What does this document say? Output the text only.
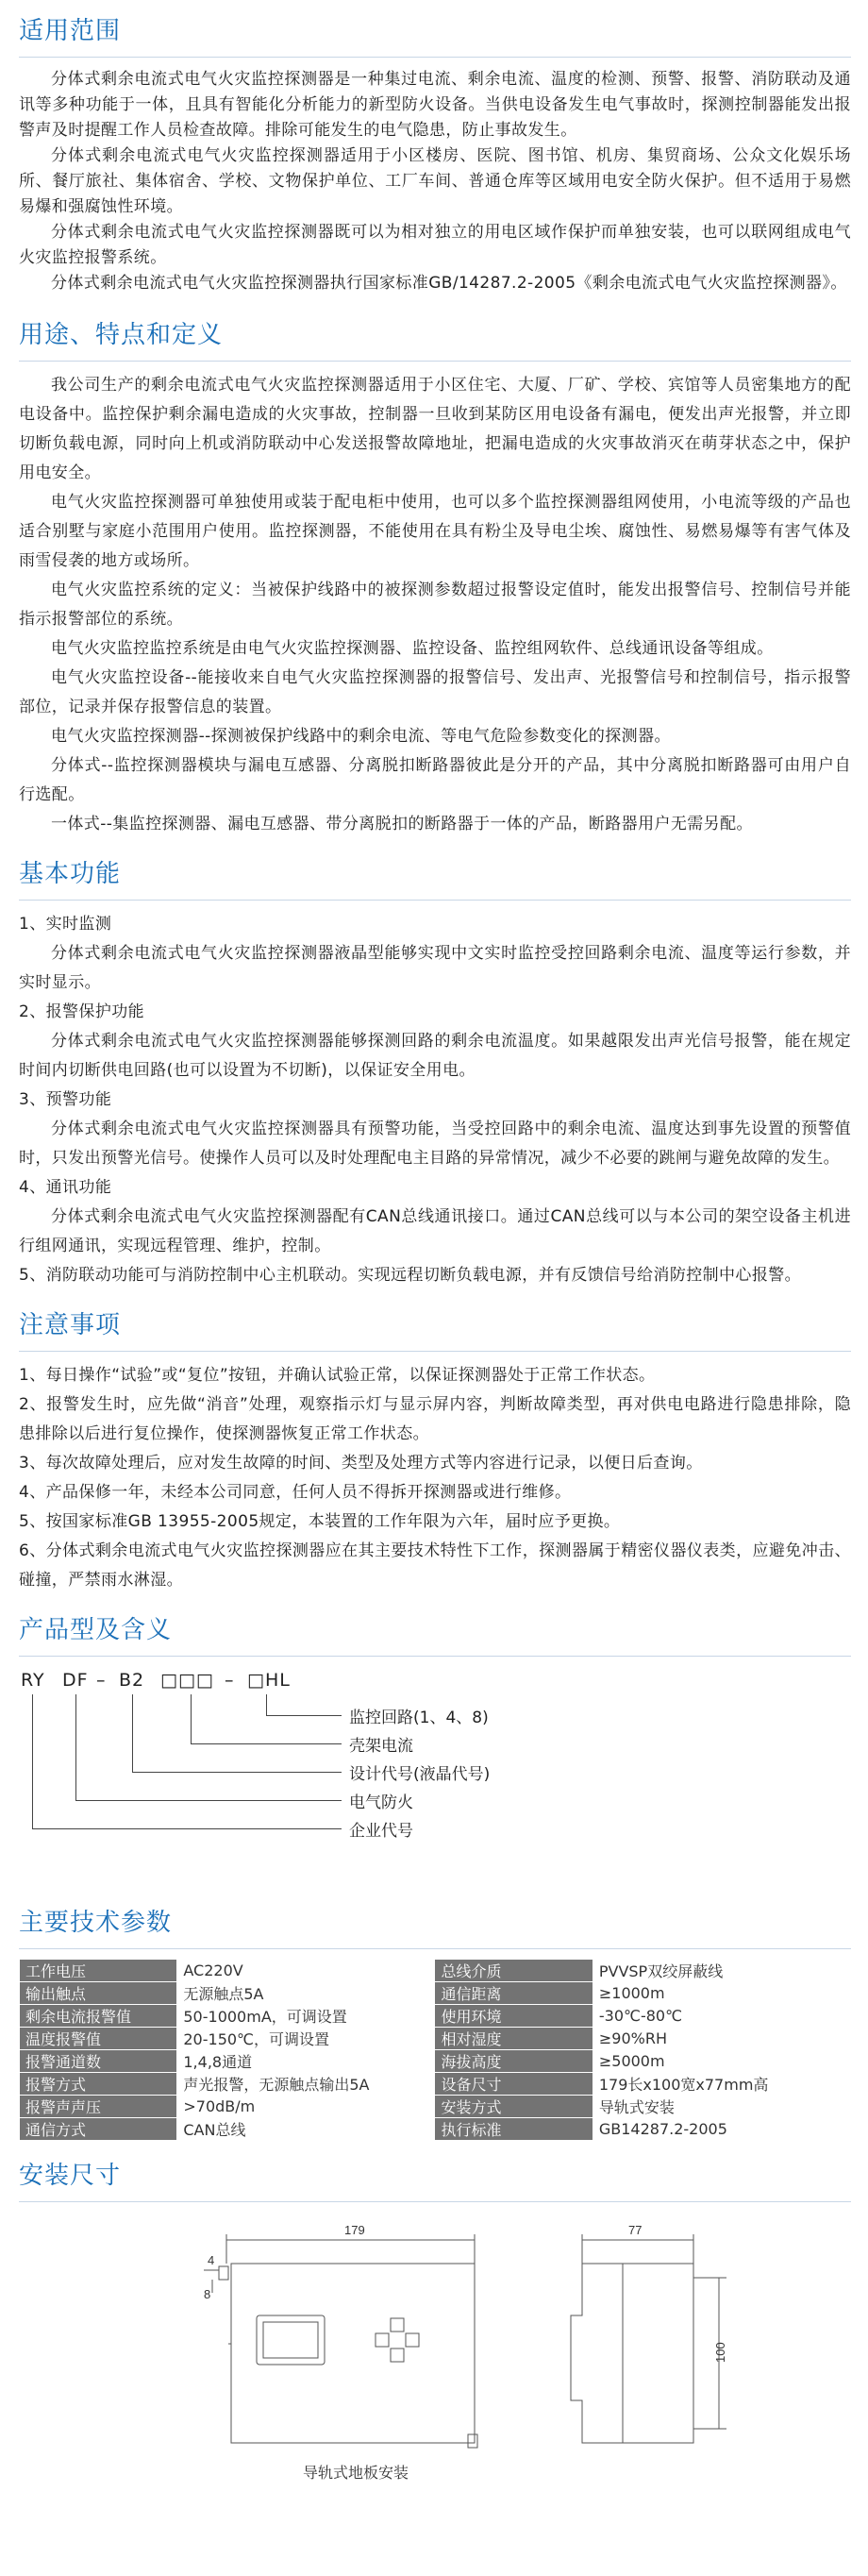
适用范围

分体式剩余电流式电气火灾监控探测器是一种集过电流、剩余电流、温度的检测、预警、报警、消防联动及通讯等多种功能于一体，且具有智能化分析能力的新型防火设备。当供电设备发生电气事故时，探测控制器能发出报警声及时提醒工作人员检查故障。排除可能发生的电气隐患，防止事故发生。

分体式剩余电流式电气火灾监控探测器适用于小区楼房、医院、图书馆、机房、集贸商场、公众文化娱乐场所、餐厅旅社、集体宿舍、学校、文物保护单位、工厂车间、普通仓库等区域用电安全防火保护。但不适用于易燃易爆和强腐蚀性环境。

分体式剩余电流式电气火灾监控探测器既可以为相对独立的用电区域作保护而单独安装，也可以联网组成电气火灾监控报警系统。

分体式剩余电流式电气火灾监控探测器执行国家标准GB/14287.2-2005《剩余电流式电气火灾监控探测器》。

用途、特点和定义

我公司生产的剩余电流式电气火灾监控探测器适用于小区住宅、大厦、厂矿、学校、宾馆等人员密集地方的配电设备中。监控保护剩余漏电造成的火灾事故，控制器一旦收到某防区用电设备有漏电，便发出声光报警，并立即切断负载电源，同时向上机或消防联动中心发送报警故障地址，把漏电造成的火灾事故消灭在萌芽状态之中，保护用电安全。

电气火灾监控探测器可单独使用或装于配电柜中使用，也可以多个监控探测器组网使用，小电流等级的产品也适合别墅与家庭小范围用户使用。监控探测器，不能使用在具有粉尘及导电尘埃、腐蚀性、易燃易爆等有害气体及雨雪侵袭的地方或场所。

电气火灾监控系统的定义：当被保护线路中的被探测参数超过报警设定值时，能发出报警信号、控制信号并能指示报警部位的系统。

电气火灾监控监控系统是由电气火灾监控探测器、监控设备、监控组网软件、总线通讯设备等组成。

电气火灾监控设备--能接收来自电气火灾监控探测器的报警信号、发出声、光报警信号和控制信号，指示报警部位，记录并保存报警信息的装置。

电气火灾监控探测器--探测被保护线路中的剩余电流、等电气危险参数变化的探测器。

分体式--监控探测器模块与漏电互感器、分离脱扣断路器彼此是分开的产品，其中分离脱扣断路器可由用户自行选配。

一体式--集监控探测器、漏电互感器、带分离脱扣的断路器于一体的产品，断路器用户无需另配。

基本功能

1、实时监测

分体式剩余电流式电气火灾监控探测器液晶型能够实现中文实时监控受控回路剩余电流、温度等运行参数，并实时显示。

2、报警保护功能

分体式剩余电流式电气火灾监控探测器能够探测回路的剩余电流温度。如果越限发出声光信号报警，能在规定时间内切断供电回路(也可以设置为不切断)，以保证安全用电。

3、预警功能

分体式剩余电流式电气火灾监控探测器具有预警功能，当受控回路中的剩余电流、温度达到事先设置的预警值时，只发出预警光信号。使操作人员可以及时处理配电主目路的异常情况，减少不必要的跳闸与避免故障的发生。

4、通讯功能

分体式剩余电流式电气火灾监控探测器配有CAN总线通讯接口。通过CAN总线可以与本公司的架空设备主机进行组网通讯，实现远程管理、维护，控制。

5、消防联动功能可与消防控制中心主机联动。实现远程切断负载电源，并有反馈信号给消防控制中心报警。

注意事项

1、每日操作“试验”或“复位”按钮，并确认试验正常，以保证探测器处于正常工作状态。

2、报警发生时，应先做“消音”处理，观察指示灯与显示屏内容，判断故障类型，再对供电电路进行隐患排除，隐患排除以后进行复位操作，使探测器恢复正常工作状态。

3、每次故障处理后，应对发生故障的时间、类型及处理方式等内容进行记录，以便日后查询。

4、产品保修一年，未经本公司同意，任何人员不得拆开探测器或进行维修。

5、按国家标准GB 13955-2005规定，本装置的工作年限为六年，届时应予更换。

6、分体式剩余电流式电气火灾监控探测器应在其主要技术特性下工作，探测器属于精密仪器仪表类，应避免冲击、碰撞，严禁雨水淋湿。

产品型及含义
RY DF – B2 □□□ – □HL
监控回路(1、4、8)
壳架电流
设计代号(液晶代号)
电气防火
企业代号
主要技术参数
工作电压	AC220V	总线介质	PVVSP双绞屏蔽线
输出触点	无源触点5A	通信距离	≥1000m
剩余电流报警值	50-1000mA，可调设置	使用环境	-30℃-80℃
温度报警值	20-150℃，可调设置	相对湿度	≥90%RH
报警通道数	1,4,8通道	海拔高度	≥5000m
报警方式	声光报警，无源触点输出5A	设备尺寸	179长x100宽x77mm高
报警声声压	>70dB/m	安装方式	导轨式安装
通信方式	CAN总线	执行标准	GB14287.2-2005
安装尺寸
179
4
8
77
100
导轨式地板安装
